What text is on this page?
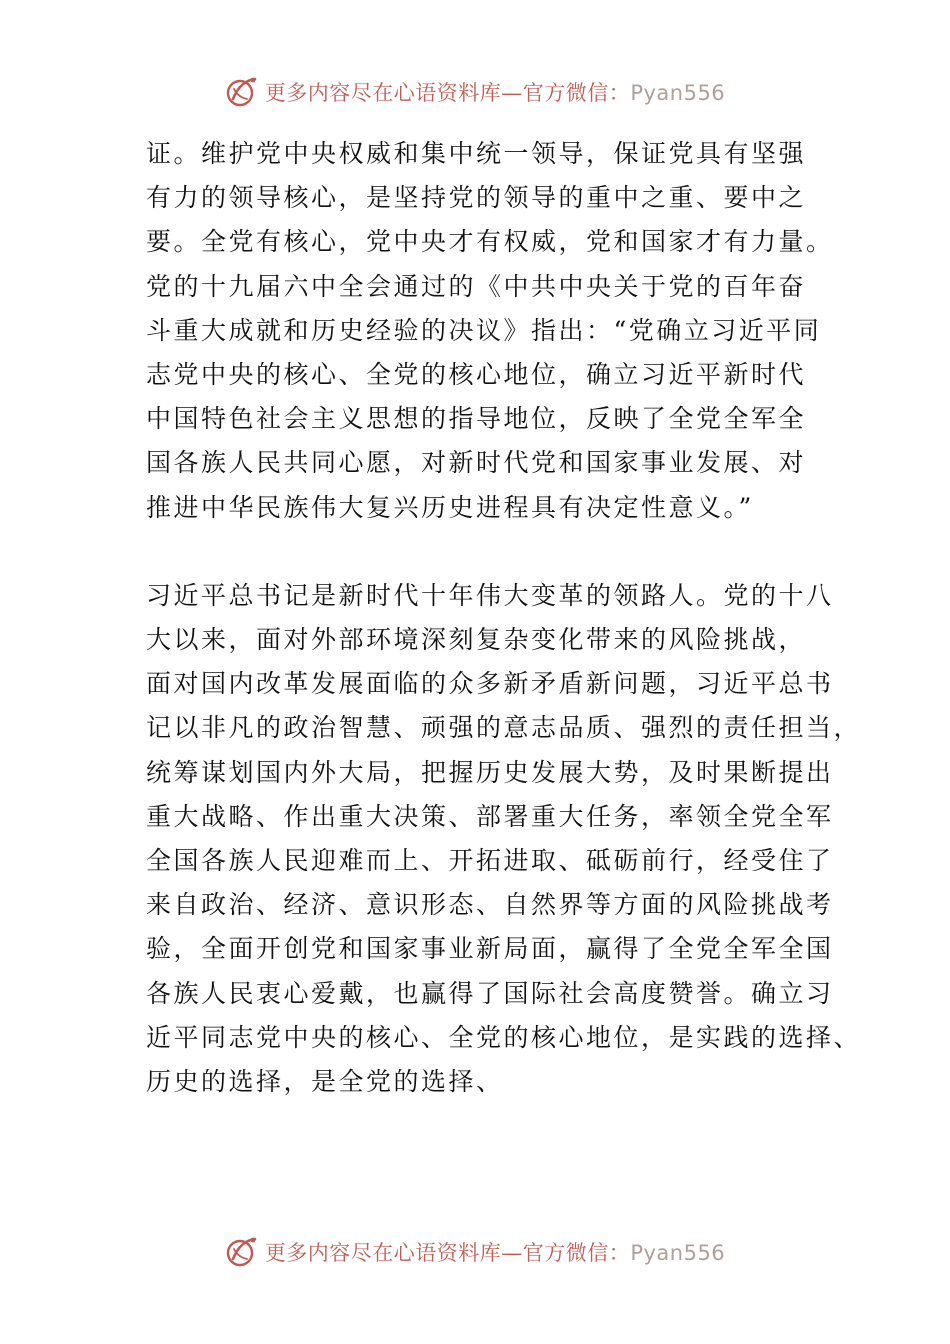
更多内容尽在心语资料库—官方微信：Pyan556
证。维护党中央权威和集中统一领导，保证党具有坚强
有力的领导核心，是坚持党的领导的重中之重、要中之
要。全党有核心，党中央才有权威，党和国家才有力量。
党的十九届六中全会通过的《中共中央关于党的百年奋
斗重大成就和历史经验的决议》指出：“党确立习近平同
志党中央的核心、全党的核心地位，确立习近平新时代
中国特色社会主义思想的指导地位，反映了全党全军全
国各族人民共同心愿，对新时代党和国家事业发展、对
推进中华民族伟大复兴历史进程具有决定性意义。”
习近平总书记是新时代十年伟大变革的领路人。党的十八
大以来，面对外部环境深刻复杂变化带来的风险挑战，
面对国内改革发展面临的众多新矛盾新问题，习近平总书
记以非凡的政治智慧、顽强的意志品质、强烈的责任担当，
统筹谋划国内外大局，把握历史发展大势，及时果断提出
重大战略、作出重大决策、部署重大任务，率领全党全军
全国各族人民迎难而上、开拓进取、砥砺前行，经受住了
来自政治、经济、意识形态、自然界等方面的风险挑战考
验，全面开创党和国家事业新局面，赢得了全党全军全国
各族人民衷心爱戴，也赢得了国际社会高度赞誉。确立习
近平同志党中央的核心、全党的核心地位，是实践的选择、
历史的选择，是全党的选择、
更多内容尽在心语资料库—官方微信：Pyan556
